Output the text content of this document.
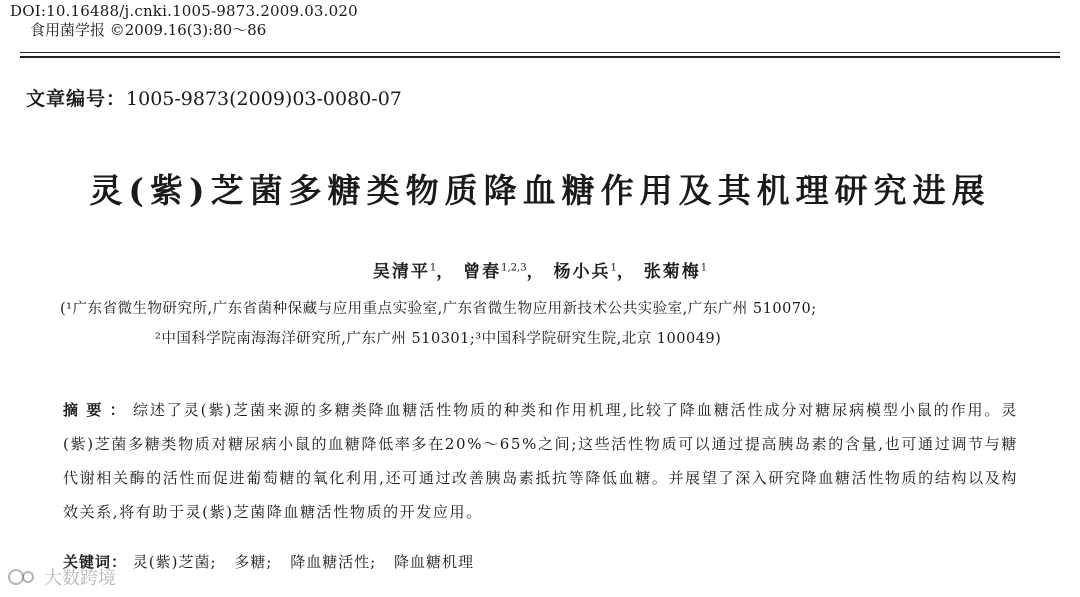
DOI:10.16488/j.cnki.1005-9873.2009.03.020
食用菌学报 ©2009.16(3):80～86
文章编号：1005-9873(2009)03-0080-07
灵(紫)芝菌多糖类物质降血糖作用及其机理研究进展
吴清平$^1$， 曾春$^{1,2,3}$， 杨小兵$^1$， 张菊梅$^1$
(¹广东省微生物研究所,广东省菌种保藏与应用重点实验室,广东省微生物应用新技术公共实验室,广东广州 510070;
²中国科学院南海海洋研究所,广东广州 510301;³中国科学院研究生院,北京 100049)
摘要：综述了灵(紫)芝菌来源的多糖类降血糖活性物质的种类和作用机理,比较了降血糖活性成分对糖尿病模型小鼠的作用。灵(紫)芝菌多糖类物质对糖尿病小鼠的血糖降低率多在20%～65%之间;这些活性物质可以通过提高胰岛素的含量,也可通过调节与糖代谢相关酶的活性而促进葡萄糖的氧化利用,还可通过改善胰岛素抵抗等降低血糖。并展望了深入研究降血糖活性物质的结构以及构效关系,将有助于灵(紫)芝菌降血糖活性物质的开发应用。
关键词： 灵(紫)芝菌; 多糖; 降血糖活性; 降血糖机理
大数跨境
